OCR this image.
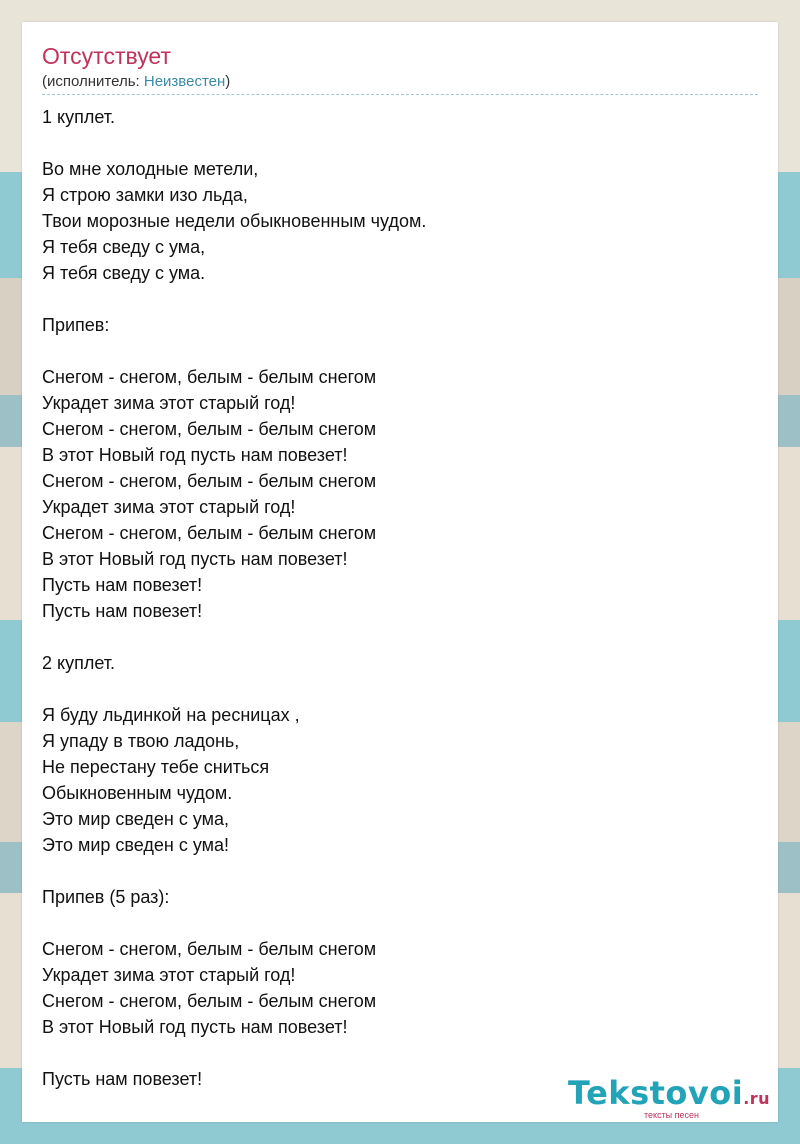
Отсутствует
(исполнитель: Неизвестен)
1 куплет.
Во мне холодные метели,
Я строю замки изо льда,
Твои морозные недели обыкновенным чудом.
Я тебя сведу с ума,
Я тебя сведу с ума.
Припев:
Снегом - снегом, белым - белым снегом
Украдет зима этот старый год!
Снегом - снегом, белым - белым снегом
В этот Новый год пусть нам повезет!
Снегом - снегом, белым - белым снегом
Украдет зима этот старый год!
Снегом - снегом, белым - белым снегом
В этот Новый год пусть нам повезет!
Пусть нам повезет!
Пусть нам повезет!
2 куплет.
Я буду льдинкой на ресницах ,
Я упаду в твою ладонь,
Не перестану тебе сниться
Обыкновенным чудом.
Это мир сведен с ума,
Это мир сведен с ума!
Припев (5 раз):
Снегом - снегом, белым - белым снегом
Украдет зима этот старый год!
Снегом - снегом, белым - белым снегом
В этот Новый год пусть нам повезет!
Пусть нам повезет!	Tekstovoi.ru
тексты песен
